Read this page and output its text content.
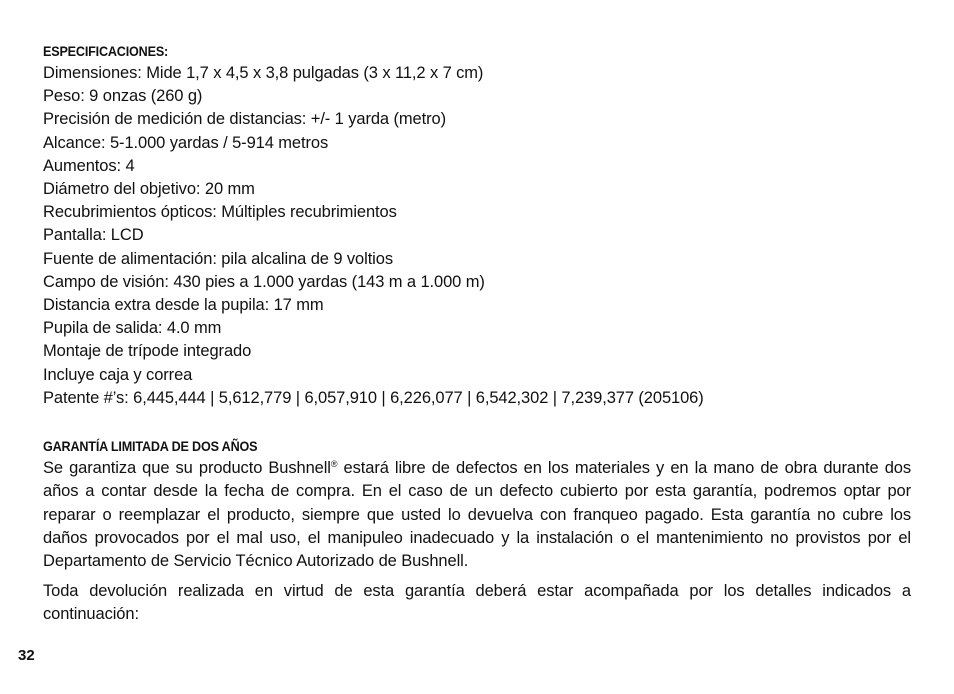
ESPECIFICACIONES:
Dimensiones: Mide 1,7 x 4,5 x 3,8 pulgadas (3 x 11,2 x 7 cm)
Peso: 9 onzas (260 g)
Precisión de medición de distancias: +/- 1 yarda (metro)
Alcance: 5-1.000 yardas / 5-914 metros
Aumentos: 4
Diámetro del objetivo: 20 mm
Recubrimientos ópticos: Múltiples recubrimientos
Pantalla: LCD
Fuente de alimentación: pila alcalina de 9 voltios
Campo de visión: 430 pies a 1.000 yardas (143 m a 1.000 m)
Distancia extra desde la pupila: 17 mm
Pupila de salida: 4.0 mm
Montaje de trípode integrado
Incluye caja y correa
Patente #’s: 6,445,444 | 5,612,779 | 6,057,910 | 6,226,077 | 6,542,302 | 7,239,377 (205106)
GARANTÍA LIMITADA DE DOS AÑOS

Se garantiza que su producto Bushnell® estará libre de defectos en los materiales y en la mano de obra durante dos años a contar desde la fecha de compra. En el caso de un defecto cubierto por esta garantía, podremos optar por reparar o reemplazar el producto, siempre que usted lo devuelva con franqueo pagado. Esta garantía no cubre los daños provocados por el mal uso, el manipuleo inadecuado y la instalación o el mantenimiento no provistos por el Departamento de Servicio Técnico Autorizado de Bushnell.

Toda devolución realizada en virtud de esta garantía deberá estar acompañada por los detalles indicados a continuación:

32
